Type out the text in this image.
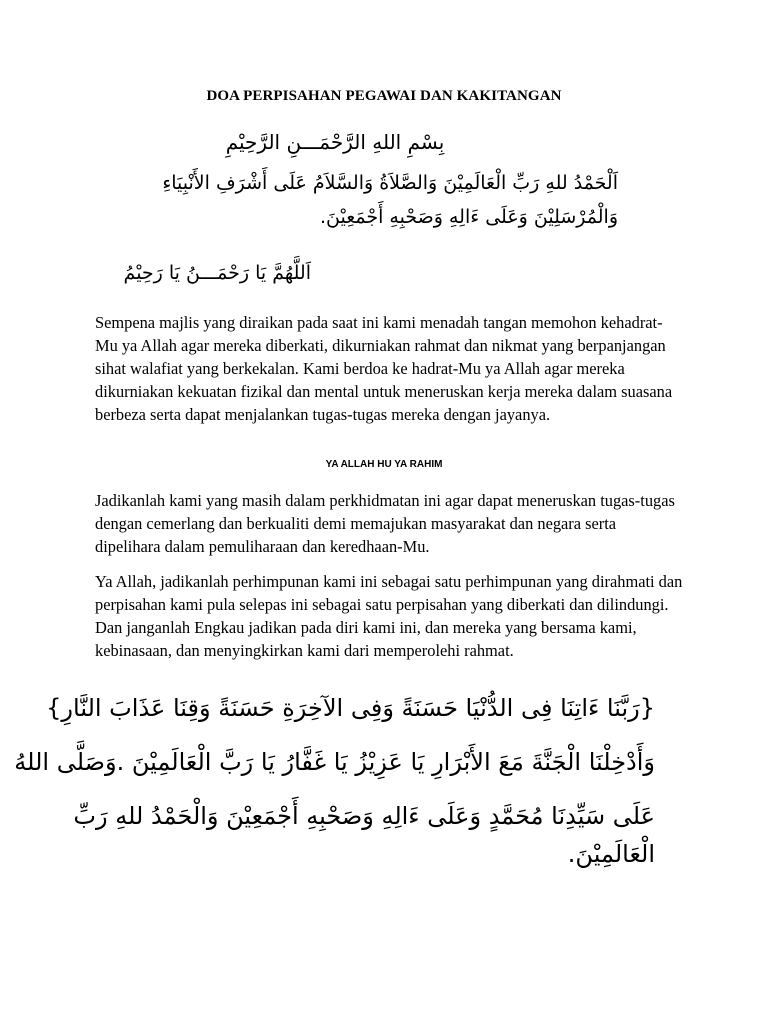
DOA PERPISAHAN PEGAWAI DAN KAKITANGAN
بِسْمِ اللهِ الرَّحْمَـــنِ الرَّحِيْمِ
اَلْحَمْدُ للهِ رَبِّ الْعَالَمِيْنَ وَالصَّلاَةُ وَالسَّلاَمُ عَلَى أَشْرَفِ الأَنْبِيَاءِ
وَالْمُرْسَلِيْنَ وَعَلَى ءَالِهِ وَصَحْبِهِ أَجْمَعِيْنَ.
اَللَّهُمَّ يَا رَحْمَـــنُ يَا رَحِيْمُ

Sempena majlis yang diraikan pada saat ini kami menadah tangan memohon kehadrat-Mu ya Allah agar mereka diberkati, dikurniakan rahmat dan nikmat yang berpanjangan sihat walafiat yang berkekalan. Kami berdoa ke hadrat-Mu ya Allah agar mereka dikurniakan kekuatan fizikal dan mental untuk meneruskan kerja mereka dalam suasana berbeza serta dapat menjalankan tugas-tugas mereka dengan jayanya.

YA ALLAH HU YA RAHIM

Jadikanlah kami yang masih dalam perkhidmatan ini agar dapat meneruskan tugas-tugas dengan cemerlang dan berkualiti demi memajukan masyarakat dan negara serta dipelihara dalam pemuliharaan dan keredhaan-Mu.

Ya Allah, jadikanlah perhimpunan kami ini sebagai satu perhimpunan yang dirahmati dan perpisahan kami pula selepas ini sebagai satu perpisahan yang diberkati dan dilindungi. Dan janganlah Engkau jadikan pada diri kami ini, dan mereka yang bersama kami, kebinasaan, dan menyingkirkan kami dari memperolehi rahmat.

{رَبَّنَا ءَاتِنَا فِى الدُّنْيَا حَسَنَةً وَفِى الآخِرَةِ حَسَنَةً وَقِنَا عَذَابَ النَّارِ}
وَأَدْخِلْنَا الْجَنَّةَ مَعَ الأَبْرَارِ يَا عَزِيْزُ يَا غَفَّارُ يَا رَبَّ الْعَالَمِيْنَ .وَصَلَّى اللهُ
عَلَى سَيِّدِنَا مُحَمَّدٍ وَعَلَى ءَالِهِ وَصَحْبِهِ أَجْمَعِيْنَ وَالْحَمْدُ للهِ رَبِّ
الْعَالَمِيْنَ.
